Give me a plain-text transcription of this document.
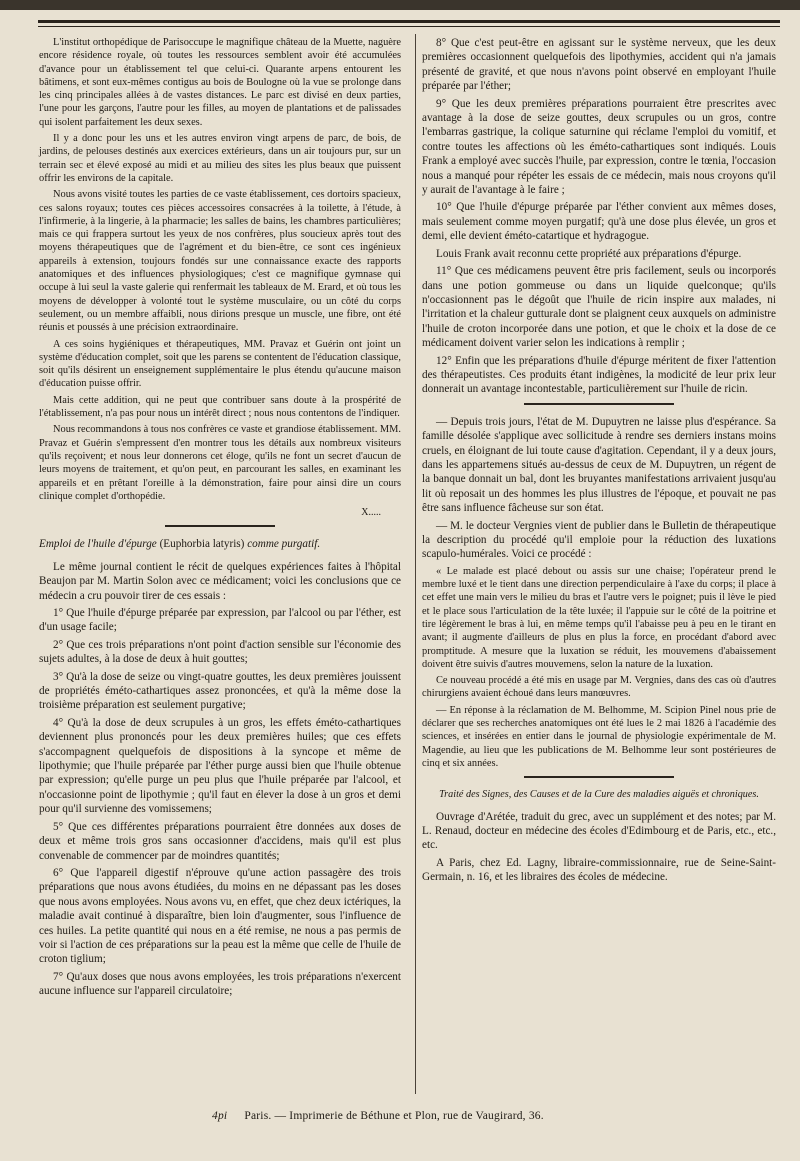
L'institut orthopédique de Parisoccupe le magnifique château de la Muette, naguère encore résidence royale, où toutes les ressources semblent avoir été accumulées d'avance pour un établissement tel que celui-ci. Quarante arpens entourent les bâtimens, et sont eux-mêmes contigus au bois de Boulogne où la vue se prolonge dans les cinq principales allées à de vastes distances. Le parc est divisé en deux parties, l'une pour les garçons, l'autre pour les filles, au moyen de plantations et de palissades qui isolent parfaitement les deux sexes.

Il y a donc pour les uns et les autres environ vingt arpens de parc, de bois, de jardins, de pelouses destinés aux exercices extérieurs, dans un air toujours pur, sur un terrain sec et élevé exposé au midi et au milieu des sites les plus beaux que puissent offrir les environs de la capitale.

Nous avons visité toutes les parties de ce vaste établissement, ces dortoirs spacieux, ces salons royaux; toutes ces pièces accessoires consacrées à la toilette, à l'étude, à l'infirmerie, à la lingerie, à la pharmacie; les salles de bains, les chambres particulières; mais ce qui frappera surtout les yeux de nos confrères, plus soucieux après tout des moyens thérapeutiques que de l'agrément et du bien-être, ce sont ces ingénieux appareils à extension, toujours fondés sur une connaissance exacte des rapports anatomiques et des influences physiologiques; c'est ce magnifique gymnase qui occupe à lui seul la vaste galerie qui renfermait les tableaux de M. Erard, et où tous les moyens de développer à volonté tout le système musculaire, ou un côté du corps seulement, ou un membre affaibli, nous dirions presque un muscle, une fibre, ont été réunis et poussés à une précision extraordinaire.

A ces soins hygiéniques et thérapeutiques, MM. Pravaz et Guérin ont joint un système d'éducation complet, soit que les parens se contentent de l'éducation classique, soit qu'ils désirent un enseignement supplémentaire le plus étendu qu'aucune maison d'éducation puisse offrir.

Mais cette addition, qui ne peut que contribuer sans doute à la prospérité de l'établissement, n'a pas pour nous un intérêt direct ; nous nous contentons de l'indiquer.

Nous recommandons à tous nos confrères ce vaste et grandiose établissement. MM. Pravaz et Guérin s'empressent d'en montrer tous les détails aux nombreux visiteurs qu'ils reçoivent; et nous leur donnerons cet éloge, qu'ils ne font un secret d'aucun de leurs moyens de traitement, et qu'on peut, en parcourant les salles, en examinant les appareils et en prêtant l'oreille à la démonstration, faire pour ainsi dire un cours clinique complet d'orthopédie.

X.....

Emploi de l'huile d'épurge (Euphorbia latyris) comme purgatif.

Le même journal contient le récit de quelques expériences faites à l'hôpital Beaujon par M. Martin Solon avec ce médicament; voici les conclusions que ce médecin a cru pouvoir tirer de ces essais :

1° Que l'huile d'épurge préparée par expression, par l'alcool ou par l'éther, est d'un usage facile;

2° Que ces trois préparations n'ont point d'action sensible sur l'économie des sujets adultes, à la dose de deux à huit gouttes;

3° Qu'à la dose de seize ou vingt-quatre gouttes, les deux premières jouissent de propriétés éméto-cathartiques assez prononcées, et qu'à la même dose la troisième préparation est seulement purgative;

4° Qu'à la dose de deux scrupules à un gros, les effets éméto-cathartiques deviennent plus prononcés pour les deux premières huiles; que ces effets s'accompagnent quelquefois de dispositions à la syncope et même de lipothymie; que l'huile préparée par l'éther purge aussi bien que l'huile obtenue par expression; qu'elle purge un peu plus que l'huile préparée par l'alcool, et n'occasionne point de lipothymie ; qu'il faut en élever la dose à un gros et demi pour qu'il survienne des vomissemens;

5° Que ces différentes préparations pourraient être données aux doses de deux et même trois gros sans occasionner d'accidens, mais qu'il est plus convenable de commencer par de moindres quantités;

6° Que l'appareil digestif n'éprouve qu'une action passagère des trois préparations que nous avons étudiées, du moins en ne dépassant pas les doses que nous avons employées. Nous avons vu, en effet, que chez deux ictériques, la maladie avait continué à disparaître, bien loin d'augmenter, sous l'influence de ces huiles. La petite quantité qui nous en a été remise, ne nous a pas permis de voir si l'action de ces préparations sur la peau est la même que celle de l'huile de croton tiglium;

7° Qu'aux doses que nous avons employées, les trois préparations n'exercent aucune influence sur l'appareil circulatoire;

8° Que c'est peut-être en agissant sur le système nerveux, que les deux premières occasionnent quelquefois des lipothymies, accident qui n'a jamais présenté de gravité, et que nous n'avons point observé en employant l'huile préparée par l'éther;

9° Que les deux premières préparations pourraient être prescrites avec avantage à la dose de seize gouttes, deux scrupules ou un gros, contre l'embarras gastrique, la colique saturnine qui réclame l'emploi du vomitif, et contre toutes les affections où les éméto-cathartiques sont indiqués. Louis Frank a employé avec succès l'huile, par expression, contre le tœnia, l'occasion nous a manqué pour répéter les essais de ce médecin, mais nous croyons qu'il y aurait de l'avantage à le faire ;

10° Que l'huile d'épurge préparée par l'éther convient aux mêmes doses, mais seulement comme moyen purgatif; qu'à une dose plus élevée, un gros et demi, elle devient éméto-catartique et hydragogue.

Louis Frank avait reconnu cette propriété aux préparations d'épurge.

11° Que ces médicamens peuvent être pris facilement, seuls ou incorporés dans une potion gommeuse ou dans un liquide quelconque; qu'ils n'occasionnent pas le dégoût que l'huile de ricin inspire aux malades, ni l'irritation et la chaleur gutturale dont se plaignent ceux auxquels on administre l'huile de croton incorporée dans une potion, et que le choix et la dose de ce médicament doivent varier selon les indications à remplir ;

12° Enfin que les préparations d'huile d'épurge méritent de fixer l'attention des thérapeutistes. Ces produits étant indigènes, la modicité de leur prix leur donnerait un avantage incontestable, particulièrement sur l'huile de ricin.

— Depuis trois jours, l'état de M. Dupuytren ne laisse plus d'espérance. Sa famille désolée s'applique avec sollicitude à rendre ses derniers instans moins cruels, en éloignant de lui toute cause d'agitation. Cependant, il y a deux jours, dans les appartemens situés au-dessus de ceux de M. Dupuytren, un régent de la banque donnait un bal, dont les bruyantes manifestations arrivaient jusqu'au lit où reposait un des hommes les plus illustres de l'époque, et pouvait ne pas être sans influence fâcheuse sur son état.

— M. le docteur Vergnies vient de publier dans le Bulletin de thérapeutique la description du procédé qu'il emploie pour la réduction des luxations scapulo-humérales. Voici ce procédé :

« Le malade est placé debout ou assis sur une chaise; l'opérateur prend le membre luxé et le tient dans une direction perpendiculaire à l'axe du corps; il place à cet effet une main vers le milieu du bras et l'autre vers le poignet; puis il lève le pied et le place sous l'articulation de la tête luxée; il l'appuie sur le côté de la poitrine et tire légèrement le bras à lui, en même temps qu'il l'abaisse peu à peu en le tirant en avant; il augmente d'ailleurs de plus en plus la force, en procédant d'abord avec promptitude. A mesure que la luxation se réduit, les mouvemens d'abaissement doivent être suivis d'autres mouvemens, selon la nature de la luxation.

Ce nouveau procédé a été mis en usage par M. Vergnies, dans des cas où d'autres chirurgiens avaient échoué dans leurs manœuvres.

— En réponse à la réclamation de M. Belhomme, M. Scipion Pinel nous prie de déclarer que ses recherches anatomiques ont été lues le 2 mai 1826 à l'académie des sciences, et insérées en entier dans le journal de physiologie expérimentale de M. Magendie, au lieu que les publications de M. Belhomme leur sont postérieures de cinq et six années.

Traité des Signes, des Causes et de la Cure des maladies aiguës et chroniques.

Ouvrage d'Arétée, traduit du grec, avec un supplément et des notes; par M. L. Renaud, docteur en médecine des écoles d'Edimbourg et de Paris, etc., etc., etc.

A Paris, chez Ed. Lagny, libraire-commissionnaire, rue de Seine-Saint-Germain, n. 16, et les libraires des écoles de médecine.

4pi Paris. — Imprimerie de Béthune et Plon, rue de Vaugirard, 36.
